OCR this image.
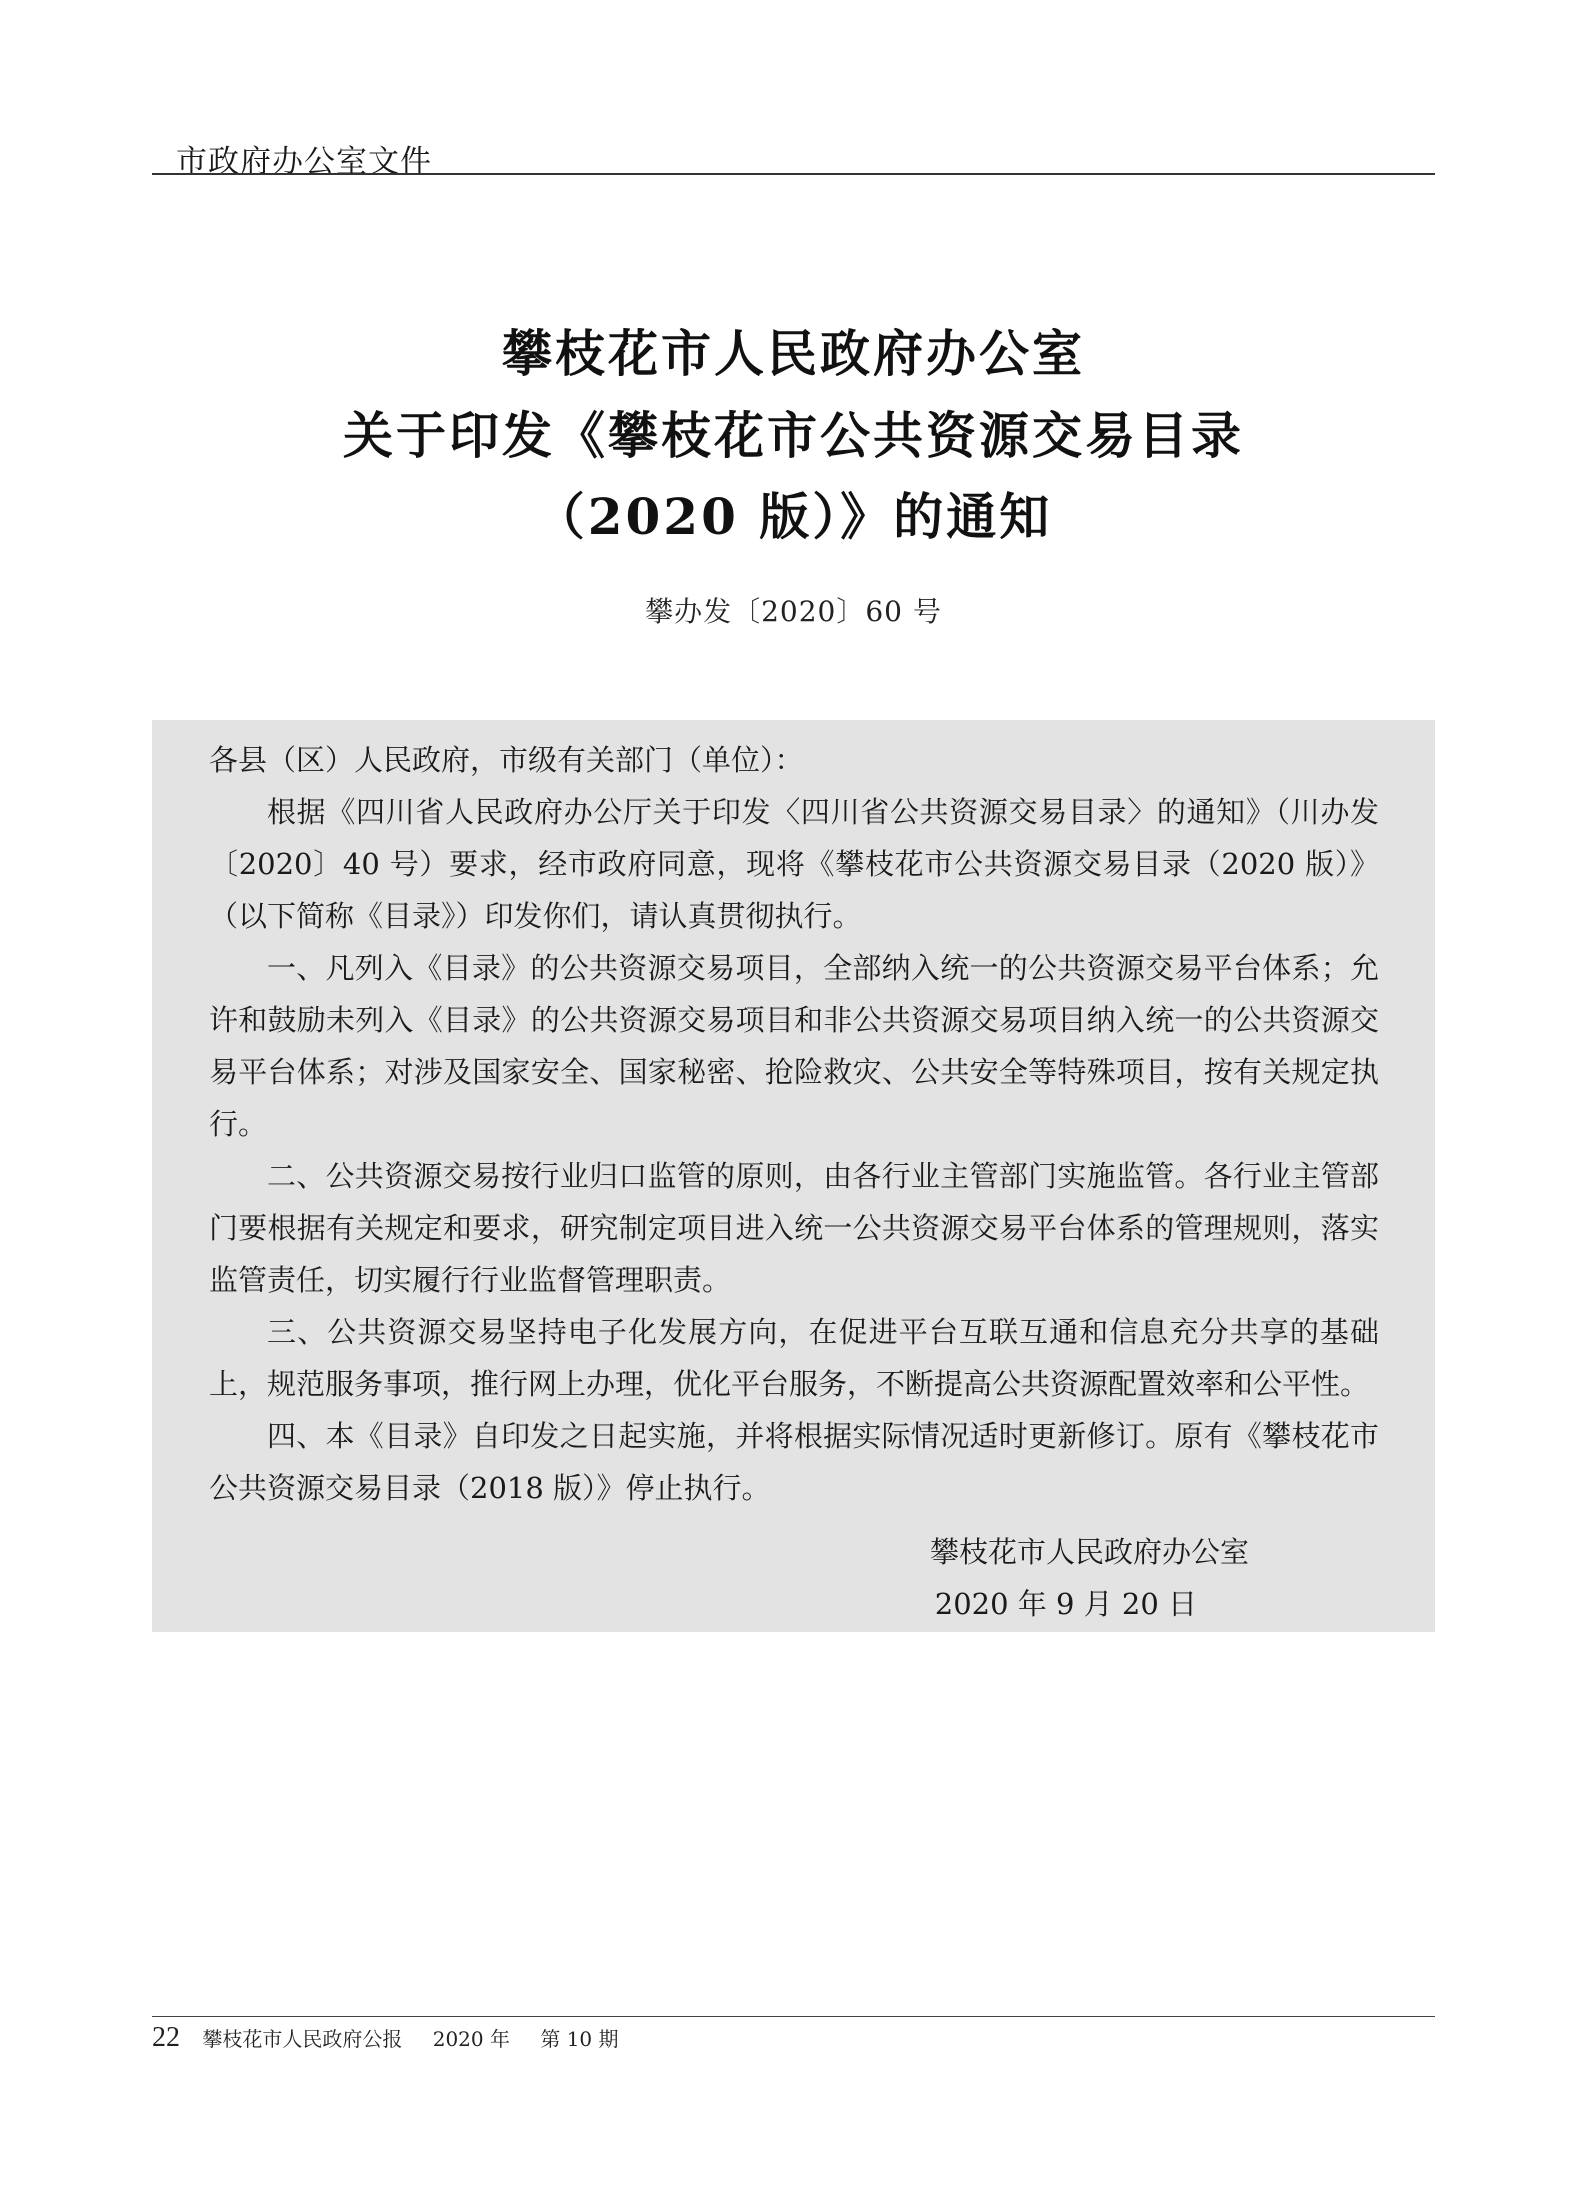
市政府办公室文件
攀枝花市人民政府办公室
关于印发《攀枝花市公共资源交易目录
（2020 版）》的通知
攀办发〔2020〕60 号

各县（区）人民政府，市级有关部门（单位）：

根据《四川省人民政府办公厅关于印发〈四川省公共资源交易目录〉的通知》（川办发〔2020〕40 号）要求，经市政府同意，现将《攀枝花市公共资源交易目录（2020 版）》（以下简称《目录》）印发你们，请认真贯彻执行。

一、凡列入《目录》的公共资源交易项目，全部纳入统一的公共资源交易平台体系；允许和鼓励未列入《目录》的公共资源交易项目和非公共资源交易项目纳入统一的公共资源交易平台体系；对涉及国家安全、国家秘密、抢险救灾、公共安全等特殊项目，按有关规定执行。

二、公共资源交易按行业归口监管的原则，由各行业主管部门实施监管。各行业主管部门要根据有关规定和要求，研究制定项目进入统一公共资源交易平台体系的管理规则，落实监管责任，切实履行行业监督管理职责。

三、公共资源交易坚持电子化发展方向，在促进平台互联互通和信息充分共享的基础上，规范服务事项，推行网上办理，优化平台服务，不断提高公共资源配置效率和公平性。

四、本《目录》自印发之日起实施，并将根据实际情况适时更新修订。原有《攀枝花市公共资源交易目录（2018 版）》停止执行。

攀枝花市人民政府办公室
2020 年 9 月 20 日
22 攀枝花市人民政府公报 2020 年 第 10 期
